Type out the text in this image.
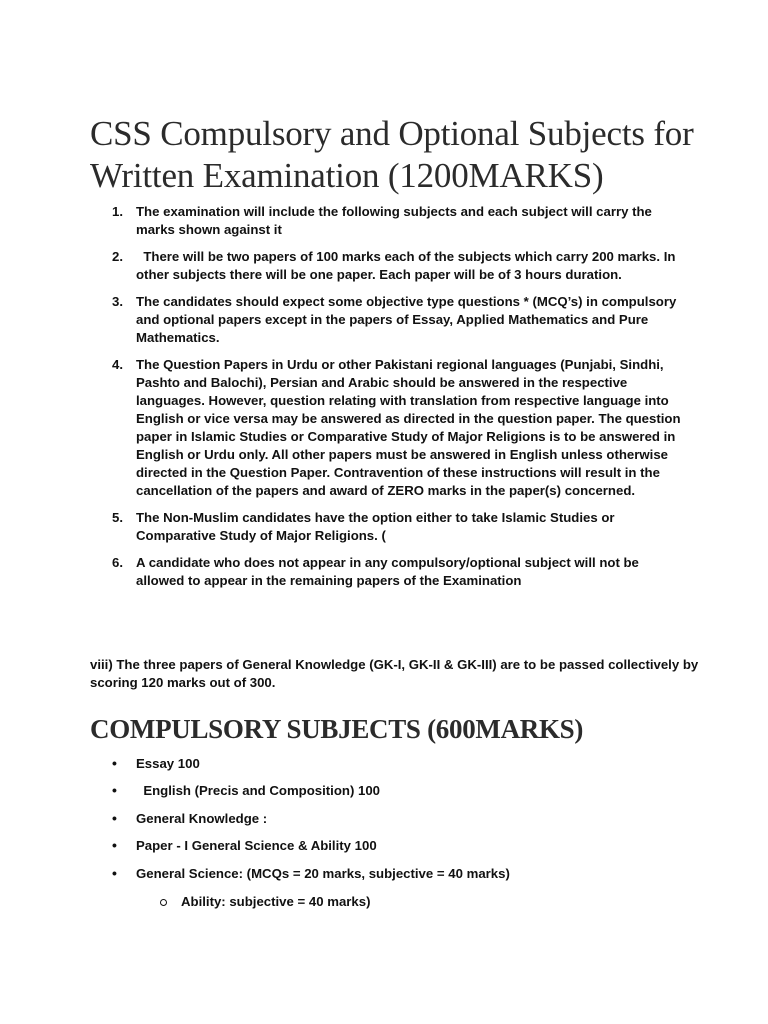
CSS Compulsory and Optional Subjects for Written Examination (1200MARKS)
1. The examination will include the following subjects and each subject will carry the marks shown against it
2. There will be two papers of 100 marks each of the subjects which carry 200 marks. In other subjects there will be one paper. Each paper will be of 3 hours duration.
3. The candidates should expect some objective type questions * (MCQ’s) in compulsory and optional papers except in the papers of Essay, Applied Mathematics and Pure Mathematics.
4. The Question Papers in Urdu or other Pakistani regional languages (Punjabi, Sindhi, Pashto and Balochi), Persian and Arabic should be answered in the respective languages. However, question relating with translation from respective language into English or vice versa may be answered as directed in the question paper. The question paper in Islamic Studies or Comparative Study of Major Religions is to be answered in English or Urdu only. All other papers must be answered in English unless otherwise directed in the Question Paper. Contravention of these instructions will result in the cancellation of the papers and award of ZERO marks in the paper(s) concerned.
5. The Non-Muslim candidates have the option either to take Islamic Studies or Comparative Study of Major Religions. (
6. A candidate who does not appear in any compulsory/optional subject will not be allowed to appear in the remaining papers of the Examination

viii) The three papers of General Knowledge (GK-I, GK-II & GK-III) are to be passed collectively by scoring 120 marks out of 300.

COMPULSORY SUBJECTS (600MARKS)
• Essay 100
• English (Precis and Composition) 100
• General Knowledge :
• Paper - I General Science & Ability 100
• General Science: (MCQs = 20 marks, subjective = 40 marks)
Ability: subjective = 40 marks)
